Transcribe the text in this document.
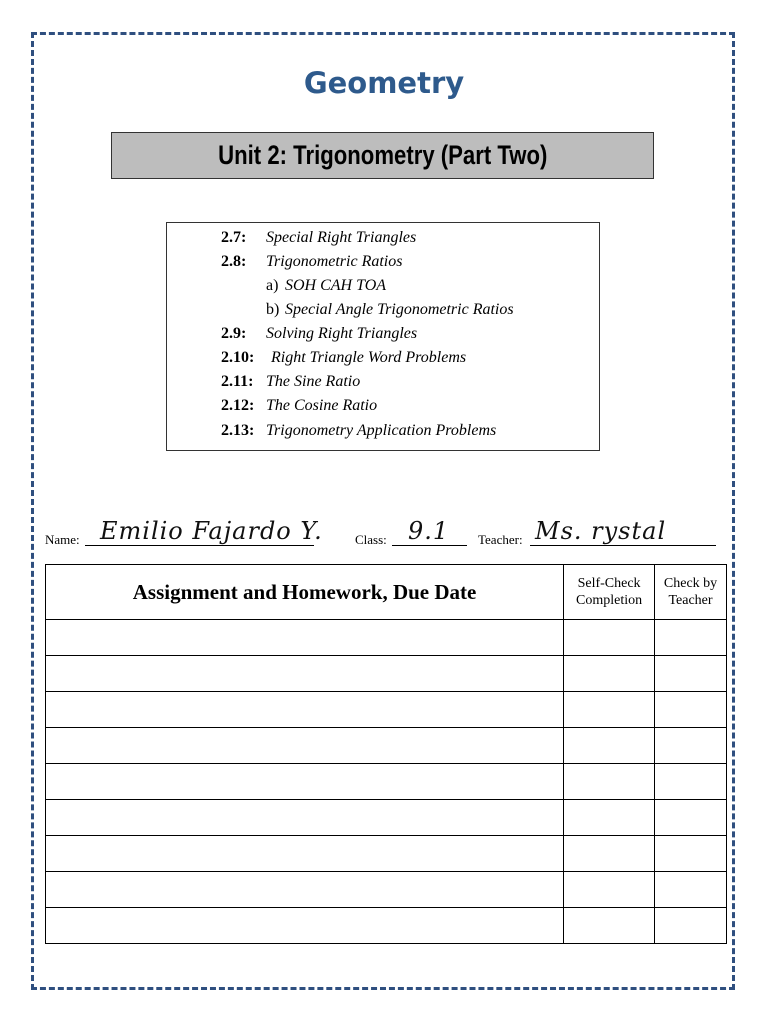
Geometry
Unit 2: Trigonometry (Part Two)
2.7: Special Right Triangles
2.8: Trigonometric Ratios
a) SOH CAH TOA
b) Special Angle Trigonometric Ratios
2.9: Solving Right Triangles
2.10: Right Triangle Word Problems
2.11: The Sine Ratio
2.12: The Cosine Ratio
2.13: Trigonometry Application Problems
Name: Emilio Fajardo Y. Class: 9.1 Teacher: Ms. rystal
Assignment and Homework, Due Date	Self-Check Completion	Check by Teacher
